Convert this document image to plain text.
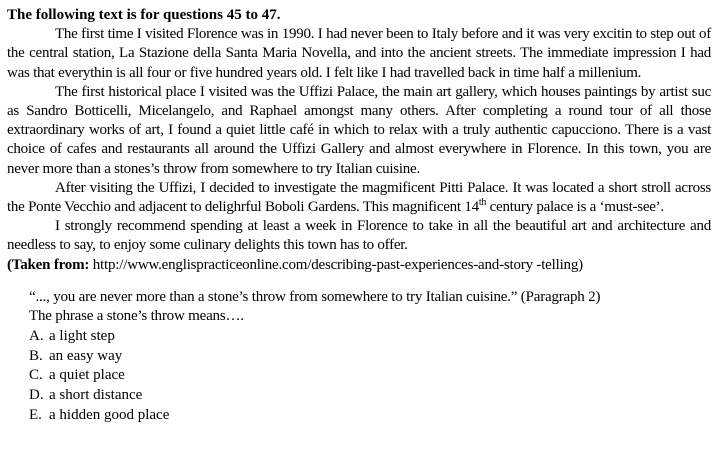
The following text is for questions 45 to 47.

The first time I visited Florence was in 1990. I had never been to Italy before and it was very excitin to step out of the central station, La Stazione della Santa Maria Novella, and into the ancient streets. The immediate impression I had was that everythin is all four or five hundred years old. I felt like I had travelled back in time half a millenium.

The first historical place I visited was the Uffizi Palace, the main art gallery, which houses paintings by artist suc as Sandro Botticelli, Micelangelo, and Raphael amongst many others. After completing a round tour of all those extraordinary works of art, I found a quiet little café in which to relax with a truly authentic capucciono. There is a vast choice of cafes and restaurants all around the Uffizi Gallery and almost everywhere in Florence. In this town, you are never more than a stones’s throw from somewhere to try Italian cuisine.

After visiting the Uffizi, I decided to investigate the magmificent Pitti Palace. It was located a short stroll across the Ponte Vecchio and adjacent to delighrful Boboli Gardens. This magnificent 14th century palace is a ‘must-see’.

I strongly recommend spending at least a week in Florence to take in all the beautiful art and architecture and needless to say, to enjoy some culinary delights this town has to offer.

(Taken from: http://www.englispracticeonline.com/describing-past-experiences-and-story -telling)

“..., you are never more than a stone’s throw from somewhere to try Italian cuisine.” (Paragraph 2)

The phrase a stone’s throw means….

A. a light step
B. an easy way
C. a quiet place
D. a short distance
E. a hidden good place
